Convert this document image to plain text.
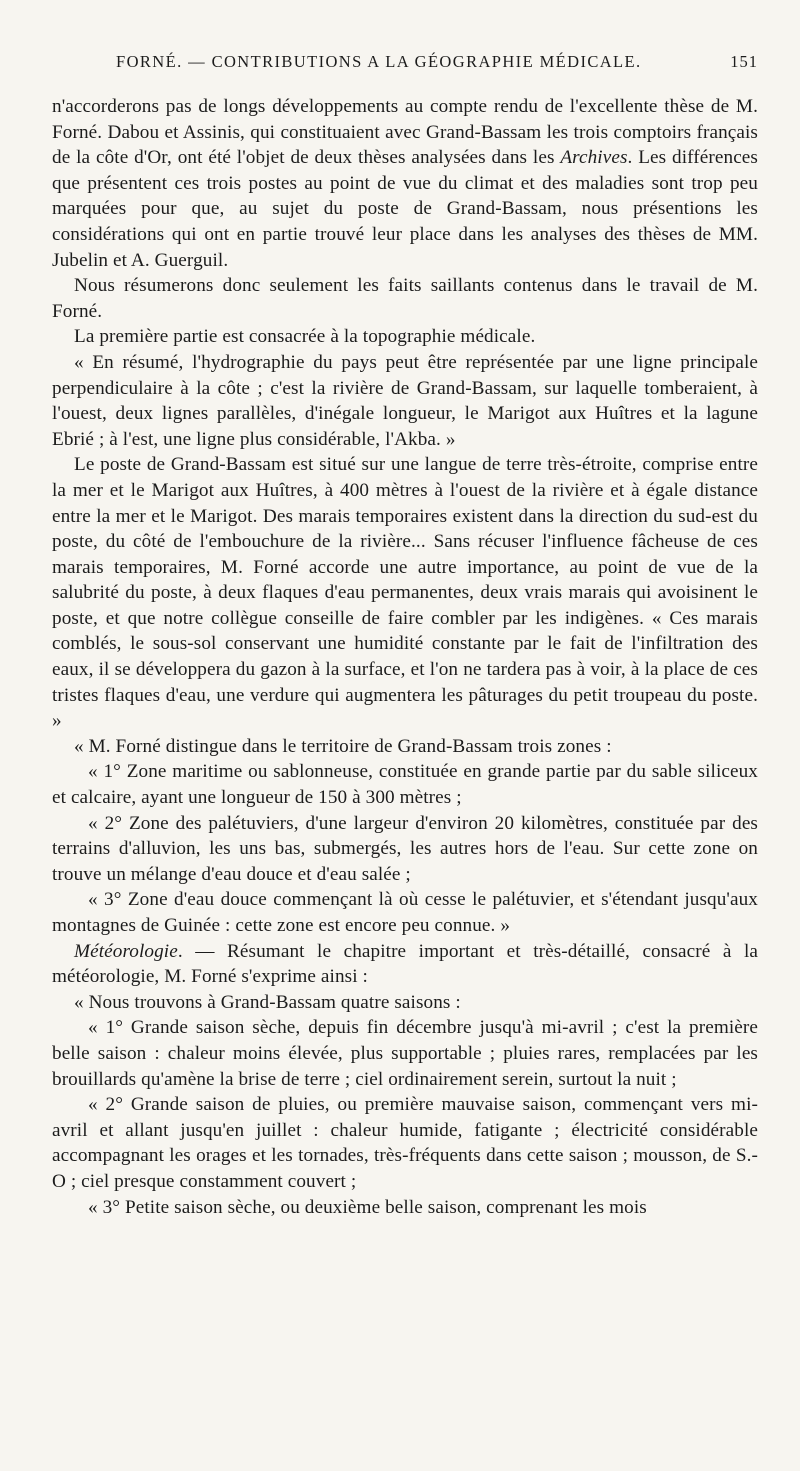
FORNÉ. — CONTRIBUTIONS A LA GÉOGRAPHIE MÉDICALE.	151

n'accorderons pas de longs développements au compte rendu de l'excellente thèse de M. Forné. Dabou et Assinis, qui constituaient avec Grand-Bassam les trois comptoirs français de la côte d'Or, ont été l'objet de deux thèses analysées dans les Archives. Les différences que présentent ces trois postes au point de vue du climat et des maladies sont trop peu marquées pour que, au sujet du poste de Grand-Bassam, nous présentions les considérations qui ont en partie trouvé leur place dans les analyses des thèses de MM. Jubelin et A. Guerguil.

Nous résumerons donc seulement les faits saillants contenus dans le travail de M. Forné.

La première partie est consacrée à la topographie médicale.

« En résumé, l'hydrographie du pays peut être représentée par une ligne principale perpendiculaire à la côte ; c'est la rivière de Grand-Bassam, sur laquelle tomberaient, à l'ouest, deux lignes parallèles, d'inégale longueur, le Marigot aux Huîtres et la lagune Ebrié ; à l'est, une ligne plus considérable, l'Akba. »

Le poste de Grand-Bassam est situé sur une langue de terre très-étroite, comprise entre la mer et le Marigot aux Huîtres, à 400 mètres à l'ouest de la rivière et à égale distance entre la mer et le Marigot. Des marais temporaires existent dans la direction du sud-est du poste, du côté de l'embouchure de la rivière... Sans récuser l'influence fâcheuse de ces marais temporaires, M. Forné accorde une autre importance, au point de vue de la salubrité du poste, à deux flaques d'eau permanentes, deux vrais marais qui avoisinent le poste, et que notre collègue conseille de faire combler par les indigènes. « Ces marais comblés, le sous-sol conservant une humidité constante par le fait de l'infiltration des eaux, il se développera du gazon à la surface, et l'on ne tardera pas à voir, à la place de ces tristes flaques d'eau, une verdure qui augmentera les pâturages du petit troupeau du poste. »

« M. Forné distingue dans le territoire de Grand-Bassam trois zones :

« 1° Zone maritime ou sablonneuse, constituée en grande partie par du sable siliceux et calcaire, ayant une longueur de 150 à 300 mètres ;

« 2° Zone des palétuviers, d'une largeur d'environ 20 kilomètres, constituée par des terrains d'alluvion, les uns bas, submergés, les autres hors de l'eau. Sur cette zone on trouve un mélange d'eau douce et d'eau salée ;

« 3° Zone d'eau douce commençant là où cesse le palétuvier, et s'étendant jusqu'aux montagnes de Guinée : cette zone est encore peu connue. »

Météorologie. — Résumant le chapitre important et très-détaillé, consacré à la météorologie, M. Forné s'exprime ainsi :

« Nous trouvons à Grand-Bassam quatre saisons :

« 1° Grande saison sèche, depuis fin décembre jusqu'à mi-avril ; c'est la première belle saison : chaleur moins élevée, plus supportable ; pluies rares, remplacées par les brouillards qu'amène la brise de terre ; ciel ordinairement serein, surtout la nuit ;

« 2° Grande saison de pluies, ou première mauvaise saison, commençant vers mi-avril et allant jusqu'en juillet : chaleur humide, fatigante ; électricité considérable accompagnant les orages et les tornades, très-fréquents dans cette saison ; mousson, de S.-O ; ciel presque constamment couvert ;

« 3° Petite saison sèche, ou deuxième belle saison, comprenant les mois
